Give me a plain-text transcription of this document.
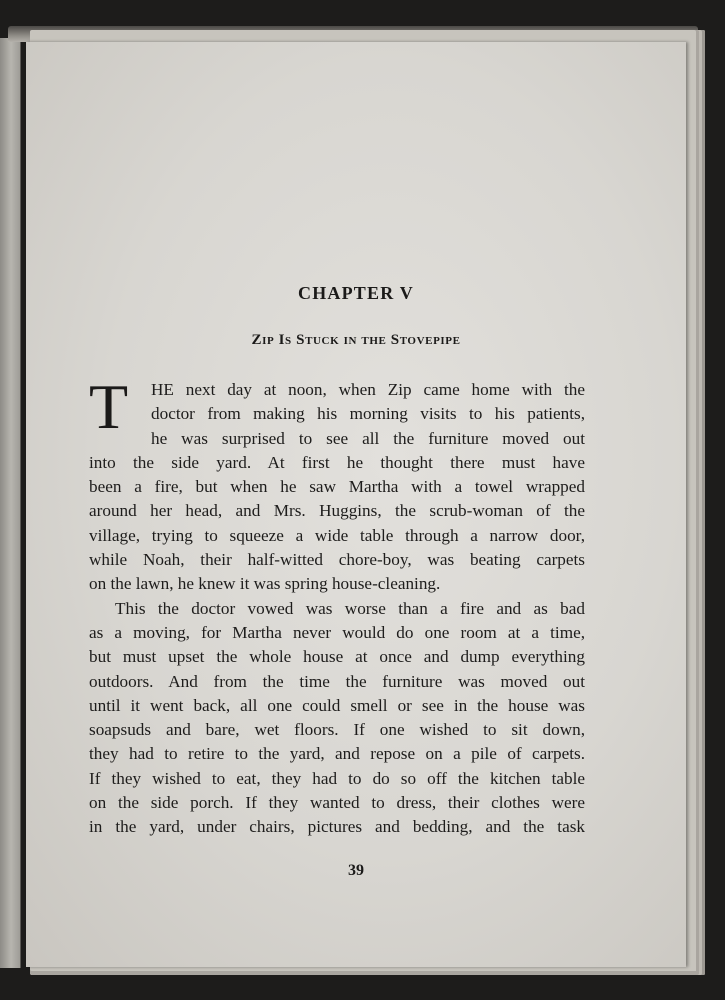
CHAPTER V
Zip Is Stuck in the Stovepipe
T	HE next day at noon, when Zip came home with the
doctor from making his morning visits to his patients,
he was surprised to see all the furniture moved out
into the side yard. At first he thought there must have
been a fire, but when he saw Martha with a towel wrapped
around her head, and Mrs. Huggins, the scrub-woman of the
village, trying to squeeze a wide table through a narrow door,
while Noah, their half-witted chore-boy, was beating carpets
on the lawn, he knew it was spring house-cleaning.
This the doctor vowed was worse than a fire and as bad
as a moving, for Martha never would do one room at a time,
but must upset the whole house at once and dump everything
outdoors. And from the time the furniture was moved out
until it went back, all one could smell or see in the house was
soapsuds and bare, wet floors. If one wished to sit down,
they had to retire to the yard, and repose on a pile of carpets.
If they wished to eat, they had to do so off the kitchen table
on the side porch. If they wanted to dress, their clothes were
in the yard, under chairs, pictures and bedding, and the task
39
